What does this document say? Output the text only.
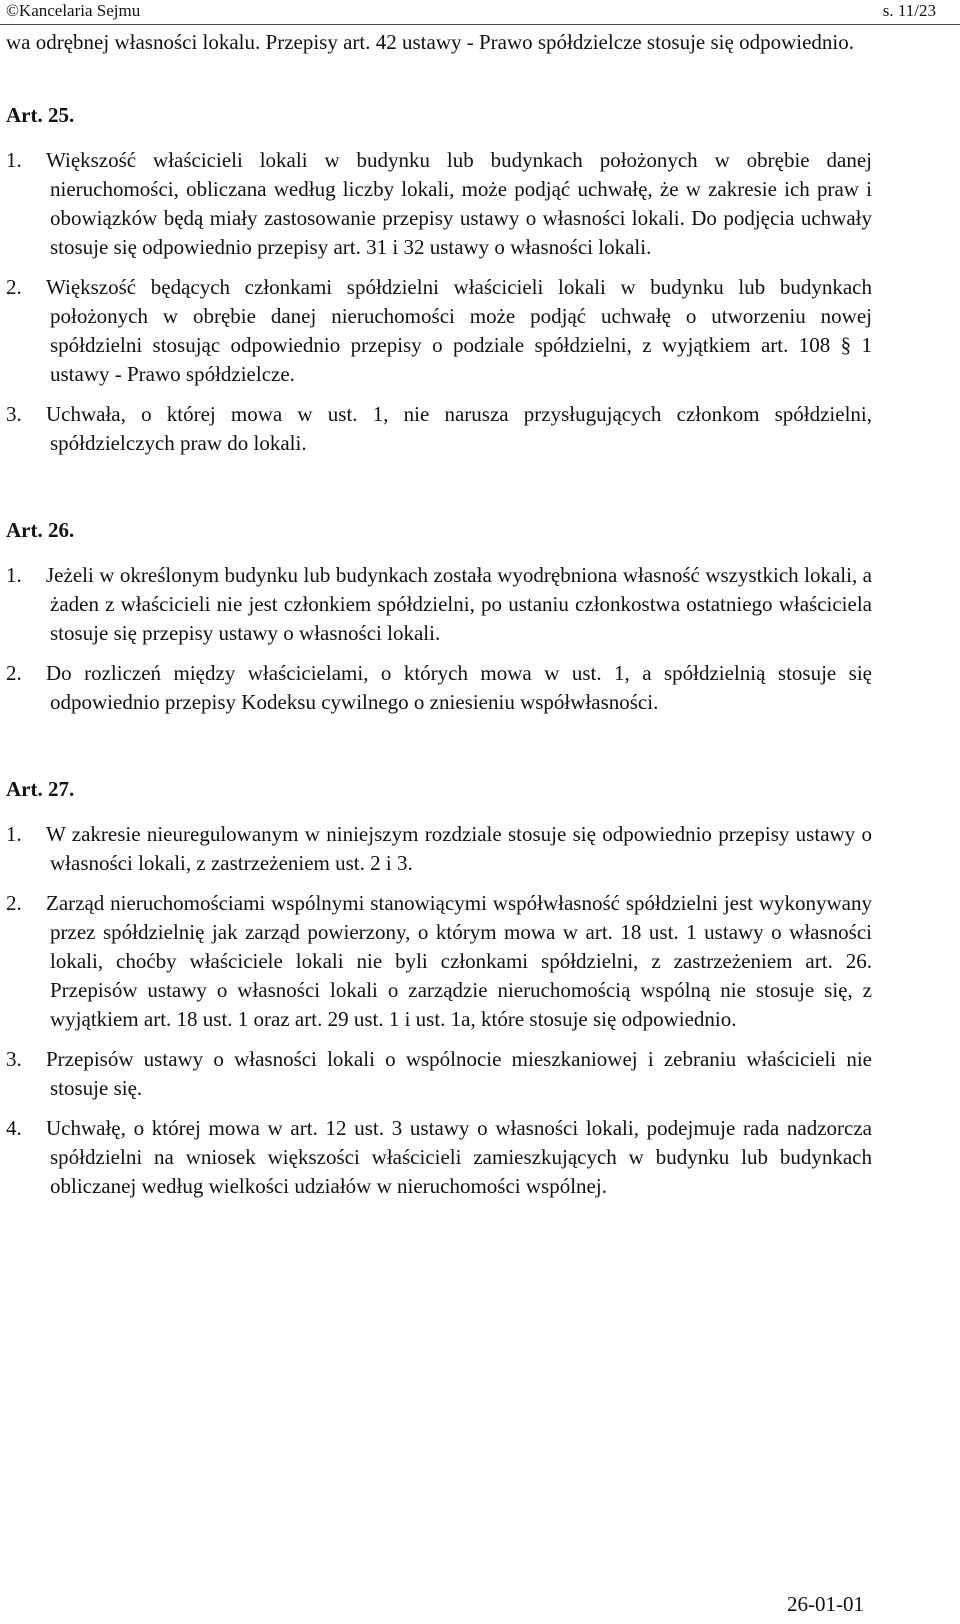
©Kancelaria Sejmu	s. 11/23

wa odrębnej własności lokalu. Przepisy art. 42 ustawy - Prawo spółdzielcze stosuje się odpowiednio.

Art. 25.

1. Większość właścicieli lokali w budynku lub budynkach położonych w obrębie danej nieruchomości, obliczana według liczby lokali, może podjąć uchwałę, że w zakresie ich praw i obowiązków będą miały zastosowanie przepisy ustawy o własności lokali. Do podjęcia uchwały stosuje się odpowiednio przepisy art. 31 i 32 ustawy o własności lokali.

2. Większość będących członkami spółdzielni właścicieli lokali w budynku lub budynkach położonych w obrębie danej nieruchomości może podjąć uchwałę o utworzeniu nowej spółdzielni stosując odpowiednio przepisy o podziale spółdzielni, z wyjątkiem art. 108 § 1 ustawy - Prawo spółdzielcze.

3. Uchwała, o której mowa w ust. 1, nie narusza przysługujących członkom spółdzielni, spółdzielczych praw do lokali.

Art. 26.

1. Jeżeli w określonym budynku lub budynkach została wyodrębniona własność wszystkich lokali, a żaden z właścicieli nie jest członkiem spółdzielni, po ustaniu członkostwa ostatniego właściciela stosuje się przepisy ustawy o własności lokali.

2. Do rozliczeń między właścicielami, o których mowa w ust. 1, a spółdzielnią stosuje się odpowiednio przepisy Kodeksu cywilnego o zniesieniu współwłasności.

Art. 27.

1. W zakresie nieuregulowanym w niniejszym rozdziale stosuje się odpowiednio przepisy ustawy o własności lokali, z zastrzeżeniem ust. 2 i 3.

2. Zarząd nieruchomościami wspólnymi stanowiącymi współwłasność spółdzielni jest wykonywany przez spółdzielnię jak zarząd powierzony, o którym mowa w art. 18 ust. 1 ustawy o własności lokali, choćby właściciele lokali nie byli członkami spółdzielni, z zastrzeżeniem art. 26. Przepisów ustawy o własności lokali o zarządzie nieruchomością wspólną nie stosuje się, z wyjątkiem art. 18 ust. 1 oraz art. 29 ust. 1 i ust. 1a, które stosuje się odpowiednio.

3. Przepisów ustawy o własności lokali o wspólnocie mieszkaniowej i zebraniu właścicieli nie stosuje się.

4. Uchwałę, o której mowa w art. 12 ust. 3 ustawy o własności lokali, podejmuje rada nadzorcza spółdzielni na wniosek większości właścicieli zamieszkujących w budynku lub budynkach obliczanej według wielkości udziałów w nieruchomości wspólnej.

26-01-01
